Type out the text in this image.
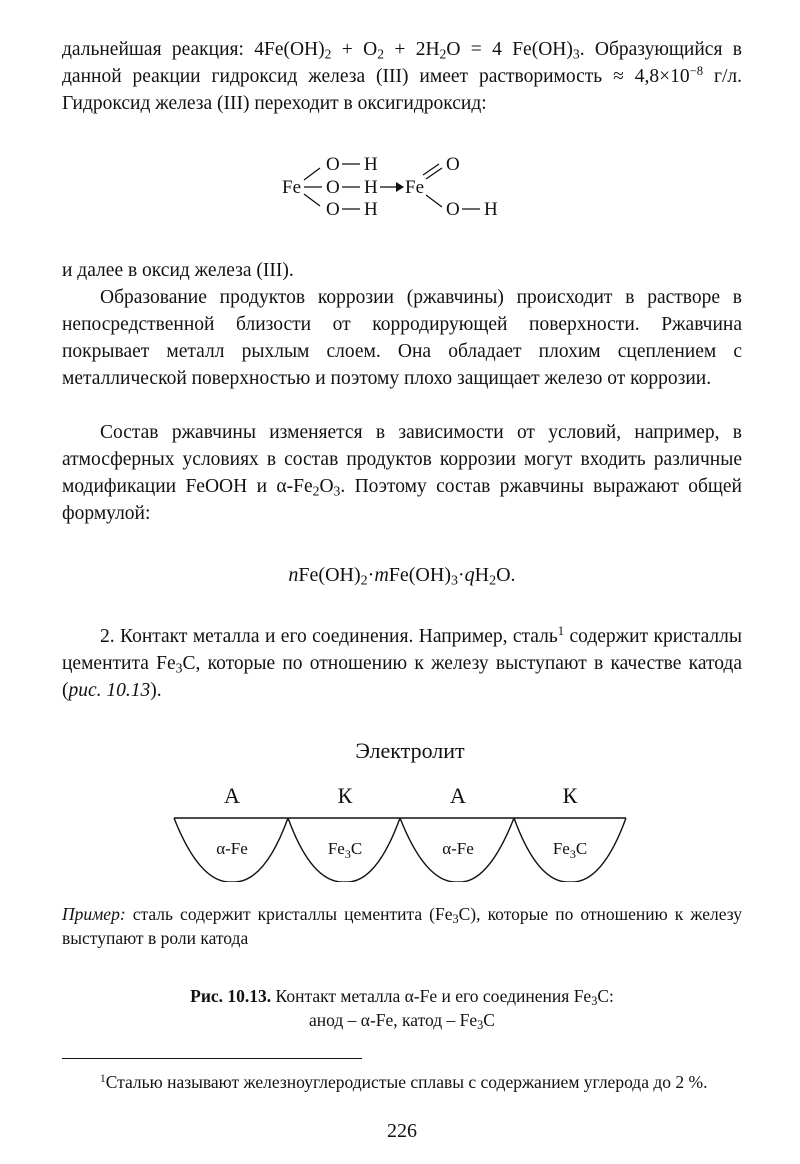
дальнейшая реакция: $4Fe(OH)_2 + O_2 + 2H_2O = 4$ $Fe(OH)_3$. Образующийся в данной реакции гидроксид железа (III) имеет растворимость ≈ $4,8\times 10^{-8}$ г/л. Гидроксид железа (III) переходит в оксигидроксид:

Fe
O H
O H
O H
Fe
O
O H

и далее в оксид железа (III).

Образование продуктов коррозии (ржавчины) происходит в растворе в непосредственной близости от корродирующей поверхности. Ржавчина покрывает металл рыхлым слоем. Она обладает плохим сцеплением с металлической поверхностью и поэтому плохо защищает железо от коррозии.

Состав ржавчины изменяется в зависимости от условий, например, в атмосферных условиях в состав продуктов коррозии могут входить различные модификации FeOOH и $\alpha-Fe_2O_3$. Поэтому состав ржавчины выражают общей формулой:

$nFe(OH)_2\cdot mFe(OH)_3\cdot qH_2O$.

2. Контакт металла и его соединения. Например, сталь$^1$ содержит кристаллы цементита $Fe_3C$, которые по отношению к железу выступают в качестве катода (рис. 10.13).

Электролит
А	К	А	К
α-Fe	$Fe_3C$	α-Fe	$Fe_3C$

Пример: сталь содержит кристаллы цементита $(Fe_3C)$, которые по отношению к железу выступают в роли катода

Рис. 10.13. Контакт металла α-Fe и его соединения $Fe_3C$:
анод – α-Fe, катод – $Fe_3C$

$^1$Сталью называют железноуглеродистые сплавы с содержанием углерода до 2 %.

226
